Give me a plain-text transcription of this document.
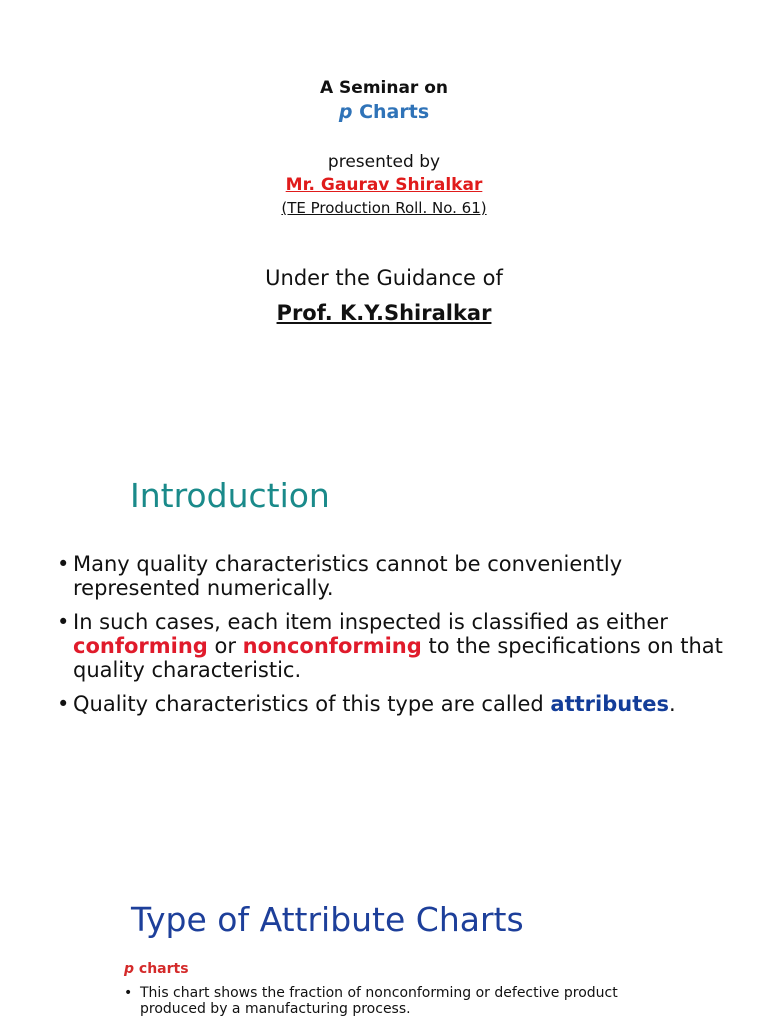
A Seminar on
p Charts
presented by
Mr. Gaurav Shiralkar
(TE Production Roll. No. 61)
Under the Guidance of
Prof. K.Y.Shiralkar
Introduction
• Many quality characteristics cannot be conveniently represented numerically.
• In such cases, each item inspected is classified as either conforming or nonconforming to the specifications on that quality characteristic.
• Quality characteristics of this type are called attributes.
Type of Attribute Charts
p charts
• This chart shows the fraction of nonconforming or defective product produced by a manufacturing process.
